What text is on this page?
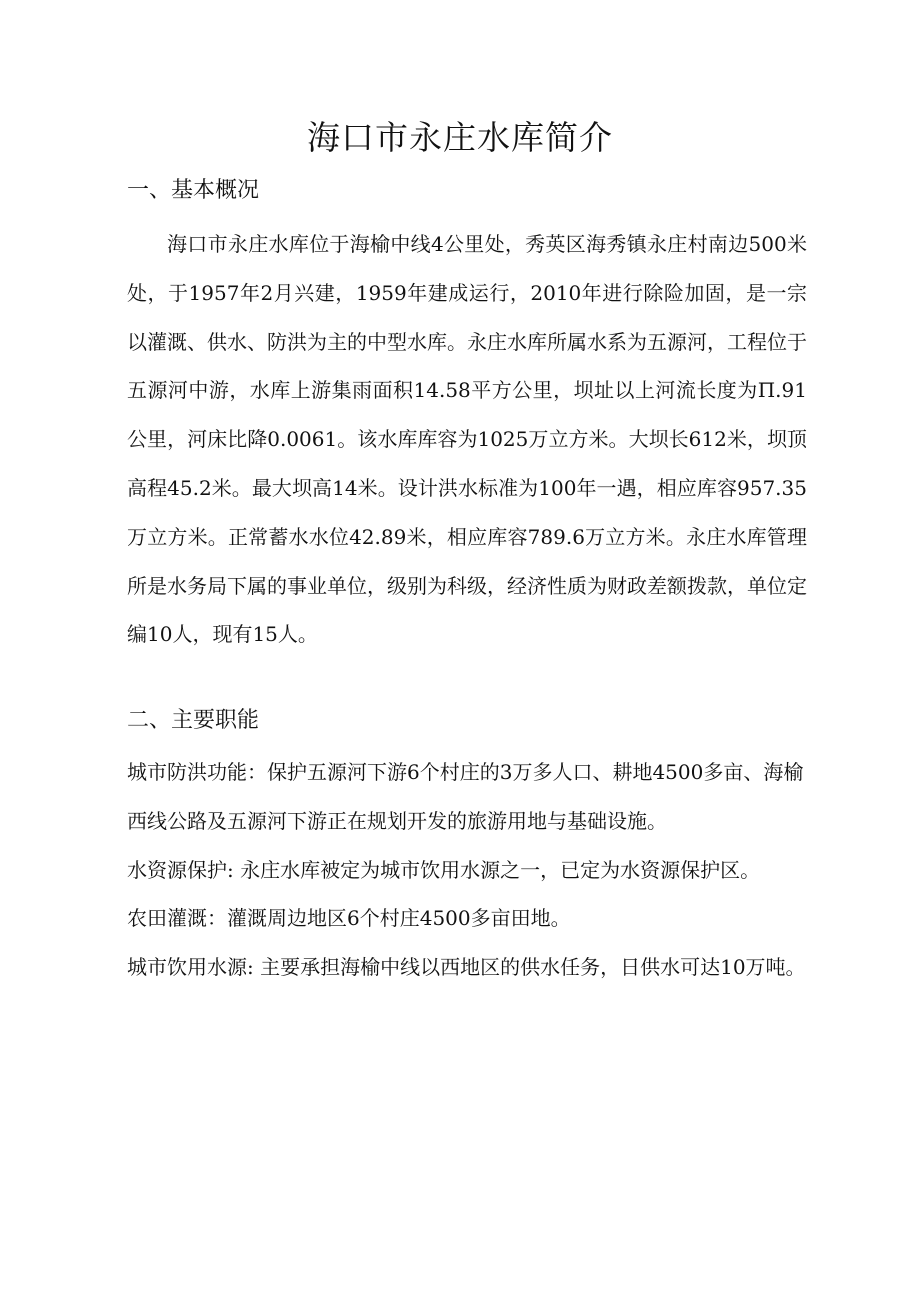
海口市永庄水库简介
一、基本概况
海口市永庄水库位于海榆中线4公里处，秀英区海秀镇永庄村南边500米处，于1957年2月兴建，1959年建成运行，2010年进行除险加固，是一宗以灌溉、供水、防洪为主的中型水库。永庄水库所属水系为五源河，工程位于五源河中游，水库上游集雨面积14.58平方公里，坝址以上河流长度为Π.91公里，河床比降0.0061。该水库库容为1025万立方米。大坝长612米，坝顶高程45.2米。最大坝高14米。设计洪水标准为100年一遇，相应库容957.35万立方米。正常蓄水水位42.89米，相应库容789.6万立方米。永庄水库管理所是水务局下属的事业单位，级别为科级，经济性质为财政差额拨款，单位定编10人，现有15人。
二、主要职能

城市防洪功能：保护五源河下游6个村庄的3万多人口、耕地4500多亩、海榆西线公路及五源河下游正在规划开发的旅游用地与基础设施。

水资源保护: 永庄水库被定为城市饮用水源之一，已定为水资源保护区。

农田灌溉：灌溉周边地区6个村庄4500多亩田地。

城市饮用水源: 主要承担海榆中线以西地区的供水任务，日供水可达10万吨。
